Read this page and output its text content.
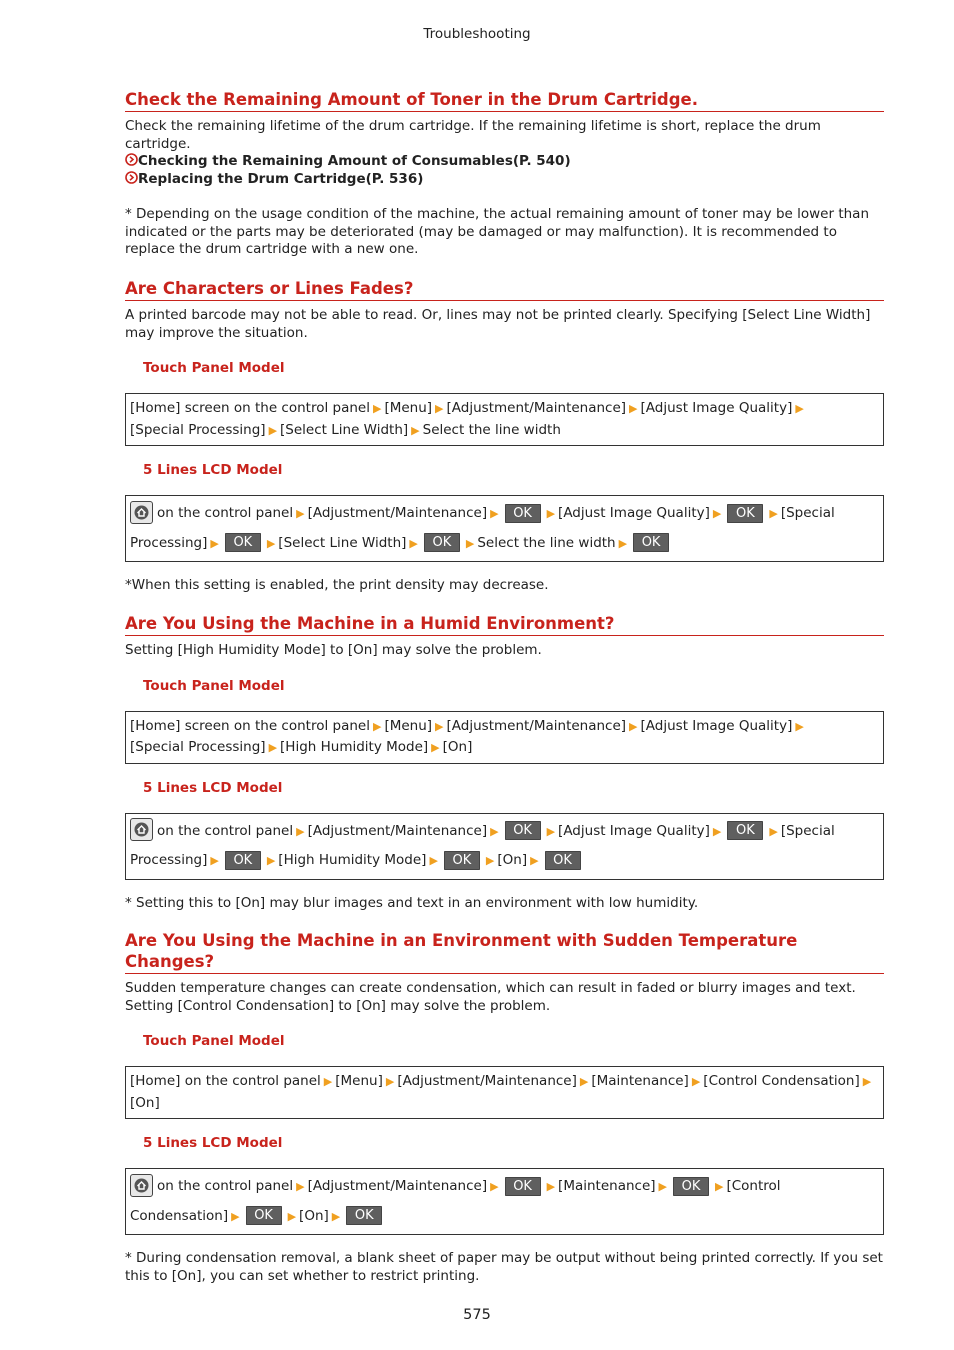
Troubleshooting
Check the Remaining Amount of Toner in the Drum Cartridge.

Check the remaining lifetime of the drum cartridge. If the remaining lifetime is short, replace the drum cartridge.

Checking the Remaining Amount of Consumables(P. 540)
Replacing the Drum Cartridge(P. 536)

* Depending on the usage condition of the machine, the actual remaining amount of toner may be lower than indicated or the parts may be deteriorated (may be damaged or may malfunction). It is recommended to replace the drum cartridge with a new one.

Are Characters or Lines Fades?

A printed barcode may not be able to read. Or, lines may not be printed clearly. Specifying [Select Line Width] may improve the situation.

Touch Panel Model

[Home] screen on the control panel ▶ [Menu] ▶ [Adjustment/Maintenance] ▶ [Adjust Image Quality] ▶
[Special Processing] ▶ [Select Line Width] ▶ Select the line width

5 Lines LCD Model

on the control panel ▶ [Adjustment/Maintenance] ▶ OK ▶ [Adjust Image Quality] ▶ OK ▶ [Special Processing] ▶ OK ▶ [Select Line Width] ▶ OK ▶ Select the line width ▶ OK

*When this setting is enabled, the print density may decrease.

Are You Using the Machine in a Humid Environment?

Setting [High Humidity Mode] to [On] may solve the problem.

Touch Panel Model

[Home] screen on the control panel ▶ [Menu] ▶ [Adjustment/Maintenance] ▶ [Adjust Image Quality] ▶
[Special Processing] ▶ [High Humidity Mode] ▶ [On]

5 Lines LCD Model

on the control panel ▶ [Adjustment/Maintenance] ▶ OK ▶ [Adjust Image Quality] ▶ OK ▶ [Special Processing] ▶ OK ▶ [High Humidity Mode] ▶ OK ▶ [On] ▶ OK

* Setting this to [On] may blur images and text in an environment with low humidity.

Are You Using the Machine in an Environment with Sudden Temperature Changes?

Sudden temperature changes can create condensation, which can result in faded or blurry images and text. Setting [Control Condensation] to [On] may solve the problem.

Touch Panel Model

[Home] on the control panel ▶ [Menu] ▶ [Adjustment/Maintenance] ▶ [Maintenance] ▶ [Control Condensation] ▶[On]

5 Lines LCD Model

on the control panel ▶ [Adjustment/Maintenance] ▶ OK ▶ [Maintenance] ▶ OK ▶ [Control Condensation] ▶ OK ▶ [On] ▶ OK

* During condensation removal, a blank sheet of paper may be output without being printed correctly. If you set this to [On], you can set whether to restrict printing.

575
